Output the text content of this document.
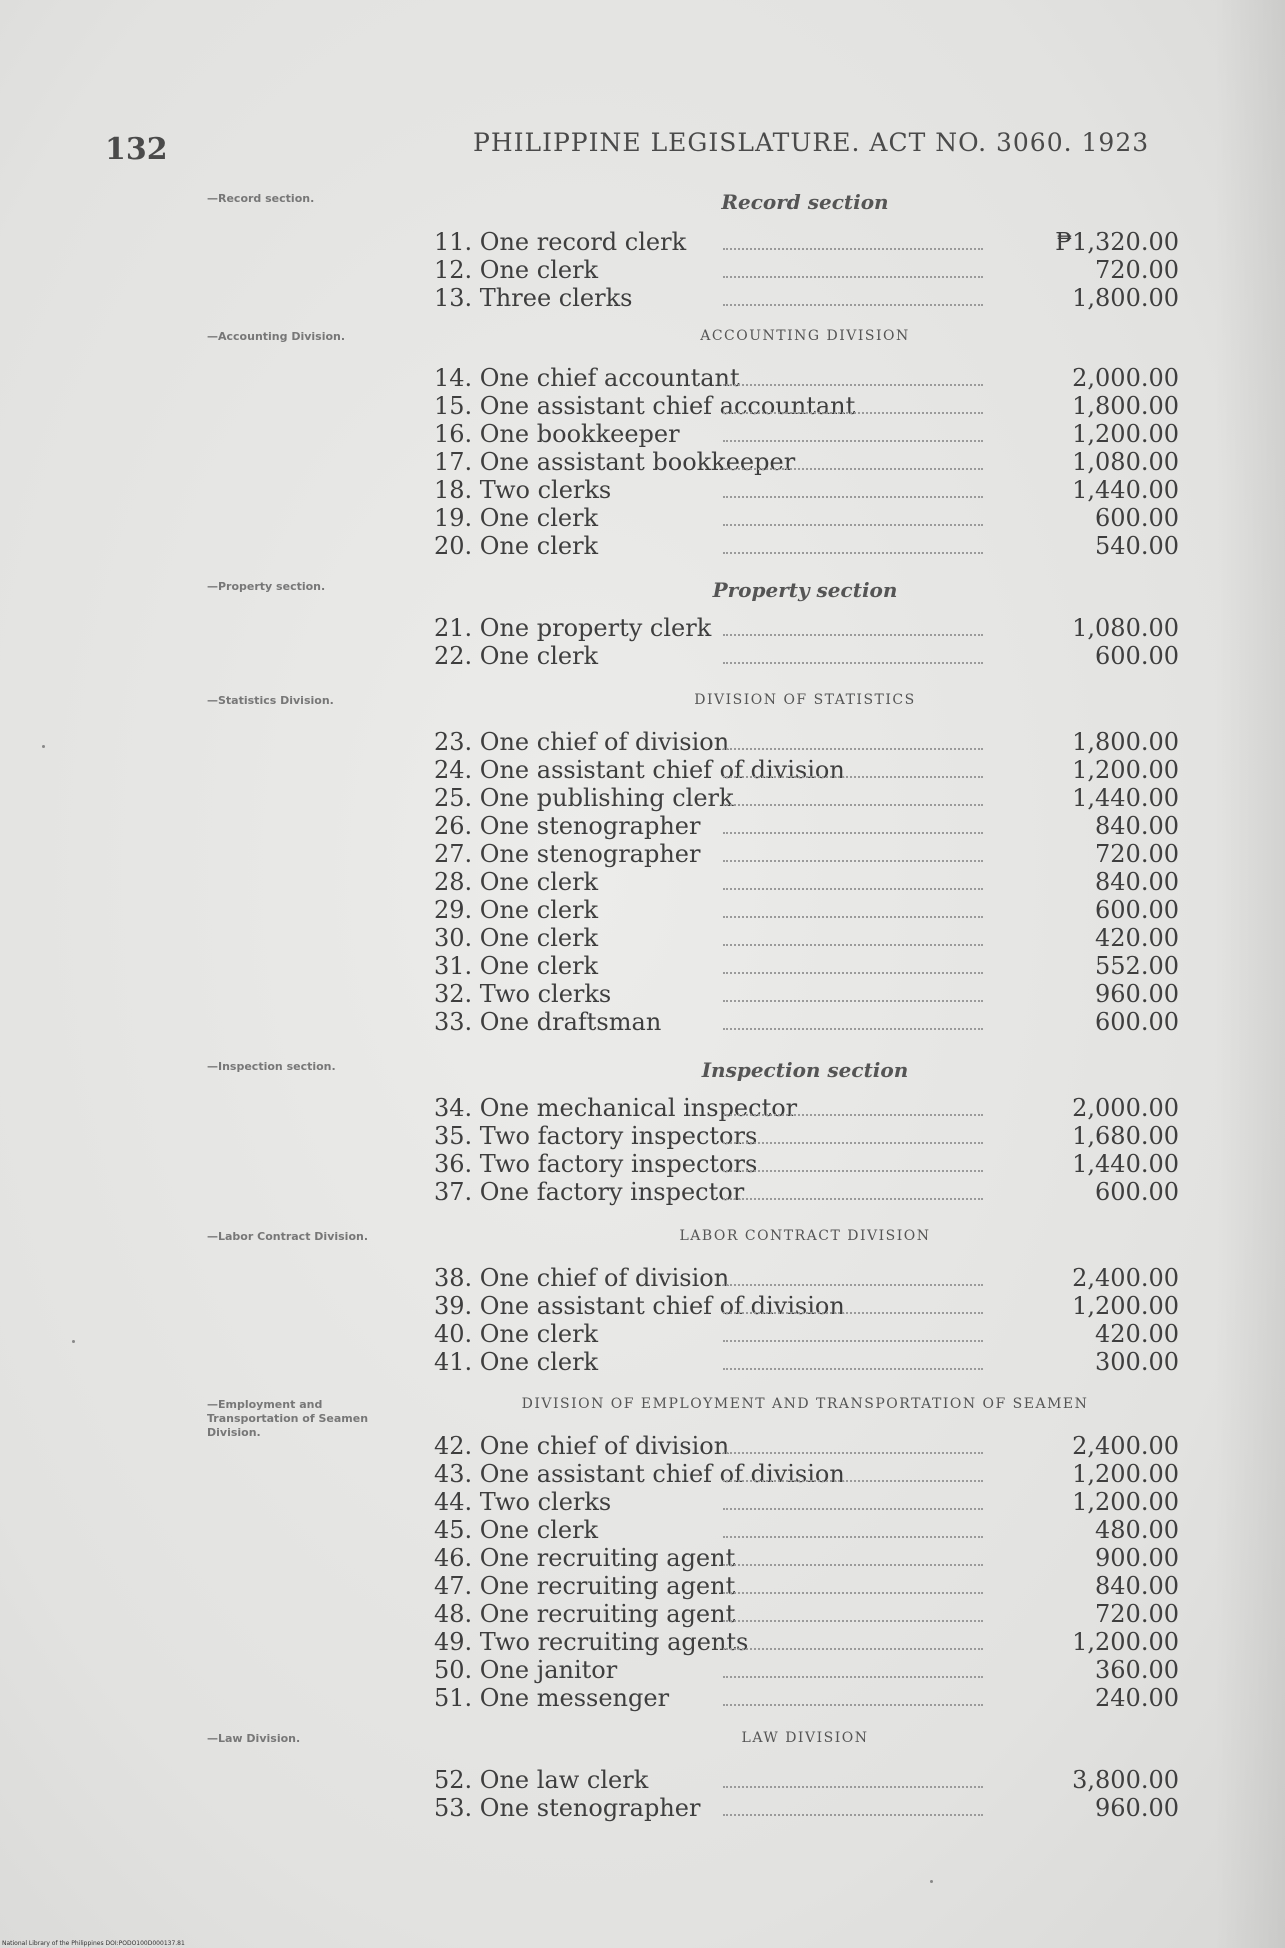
132	PHILIPPINE LEGISLATURE. ACT NO. 3060. 1923
—Record section.	Record section
11. One record clerk	₱1,320.00
12. One clerk	720.00
13. Three clerks	1,800.00
—Accounting Division.	ACCOUNTING DIVISION
14. One chief accountant	2,000.00
15. One assistant chief accountant	1,800.00
16. One bookkeeper	1,200.00
17. One assistant bookkeeper	1,080.00
18. Two clerks	1,440.00
19. One clerk	600.00
20. One clerk	540.00
—Property section.	Property section
21. One property clerk	1,080.00
22. One clerk	600.00
—Statistics Division.	DIVISION OF STATISTICS
23. One chief of division	1,800.00
24. One assistant chief of division	1,200.00
25. One publishing clerk	1,440.00
26. One stenographer	840.00
27. One stenographer	720.00
28. One clerk	840.00
29. One clerk	600.00
30. One clerk	420.00
31. One clerk	552.00
32. Two clerks	960.00
33. One draftsman	600.00
—Inspection section.	Inspection section
34. One mechanical inspector	2,000.00
35. Two factory inspectors	1,680.00
36. Two factory inspectors	1,440.00
37. One factory inspector	600.00
—Labor Contract Division.	LABOR CONTRACT DIVISION
38. One chief of division	2,400.00
39. One assistant chief of division	1,200.00
40. One clerk	420.00
41. One clerk	300.00
—Employment and Transportation of Seamen Division.
DIVISION OF EMPLOYMENT AND TRANSPORTATION OF SEAMEN
42. One chief of division	2,400.00
43. One assistant chief of division	1,200.00
44. Two clerks	1,200.00
45. One clerk	480.00
46. One recruiting agent	900.00
47. One recruiting agent	840.00
48. One recruiting agent	720.00
49. Two recruiting agents	1,200.00
50. One janitor	360.00
51. One messenger	240.00
—Law Division.	LAW DIVISION
52. One law clerk	3,800.00
53. One stenographer	960.00
National Library of the Philippines DOI:PODO100D000137.81
